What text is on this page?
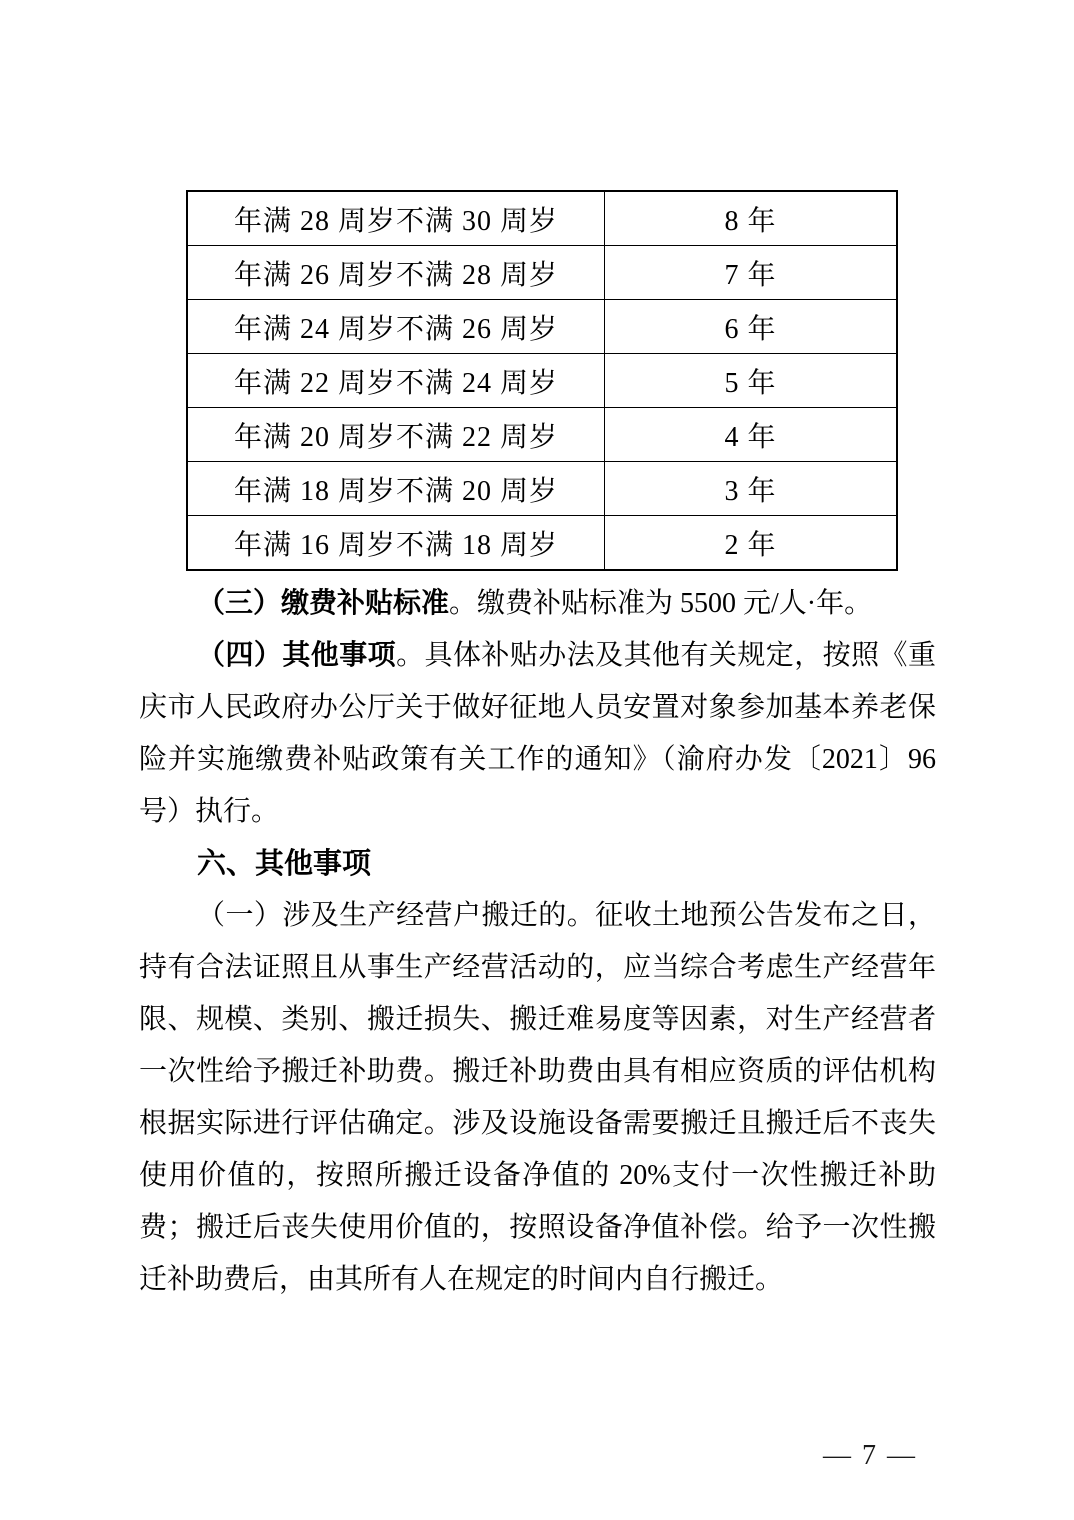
年满 28 周岁不满 30 周岁	8 年
年满 26 周岁不满 28 周岁	7 年
年满 24 周岁不满 26 周岁	6 年
年满 22 周岁不满 24 周岁	5 年
年满 20 周岁不满 22 周岁	4 年
年满 18 周岁不满 20 周岁	3 年
年满 16 周岁不满 18 周岁	2 年

（三）缴费补贴标准。缴费补贴标准为 5500 元/人·年。

（四）其他事项。具体补贴办法及其他有关规定，按照《重庆市人民政府办公厅关于做好征地人员安置对象参加基本养老保险并实施缴费补贴政策有关工作的通知》（渝府办发〔2021〕96 号）执行。

六、其他事项

（一）涉及生产经营户搬迁的。征收土地预公告发布之日，持有合法证照且从事生产经营活动的，应当综合考虑生产经营年限、规模、类别、搬迁损失、搬迁难易度等因素，对生产经营者一次性给予搬迁补助费。搬迁补助费由具有相应资质的评估机构根据实际进行评估确定。涉及设施设备需要搬迁且搬迁后不丧失使用价值的，按照所搬迁设备净值的 20%支付一次性搬迁补助费；搬迁后丧失使用价值的，按照设备净值补偿。给予一次性搬迁补助费后，由其所有人在规定的时间内自行搬迁。

— 7 —
